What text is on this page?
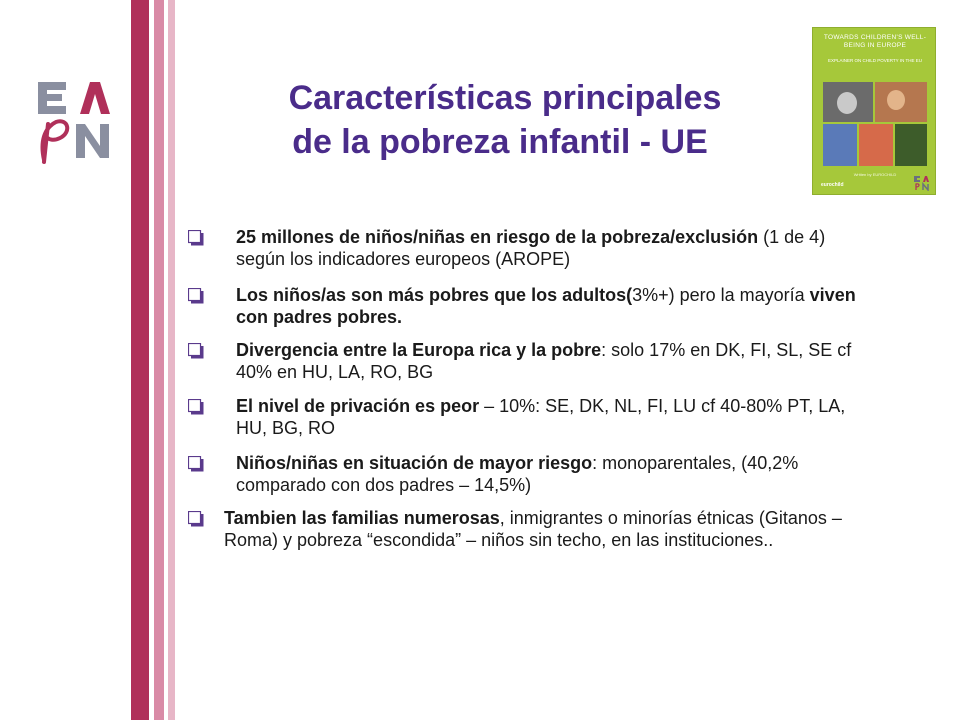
Características principales
de la pobreza infantil - UE
TOWARDS CHILDREN'S WELL-BEING IN EUROPE
EXPLAINER ON CHILD POVERTY IN THE EU
Written by EUROCHILD
eurochild
25 millones de niños/niñas en riesgo de la pobreza/exclusión (1 de 4) según los indicadores europeos (AROPE)
Los niños/as son más pobres que los adultos(3%+) pero la mayoría viven con padres pobres.
Divergencia entre la Europa rica y la pobre: solo 17% en DK, FI, SL, SE cf 40% en HU, LA, RO, BG
El nivel de privación es peor – 10%: SE, DK, NL, FI, LU cf 40-80% PT, LA, HU, BG, RO
Niños/niñas en situación de mayor riesgo: monoparentales, (40,2% comparado con dos padres – 14,5%)
Tambien las familias numerosas, inmigrantes o minorías étnicas (Gitanos – Roma) y pobreza “escondida” – niños sin techo, en las instituciones..
